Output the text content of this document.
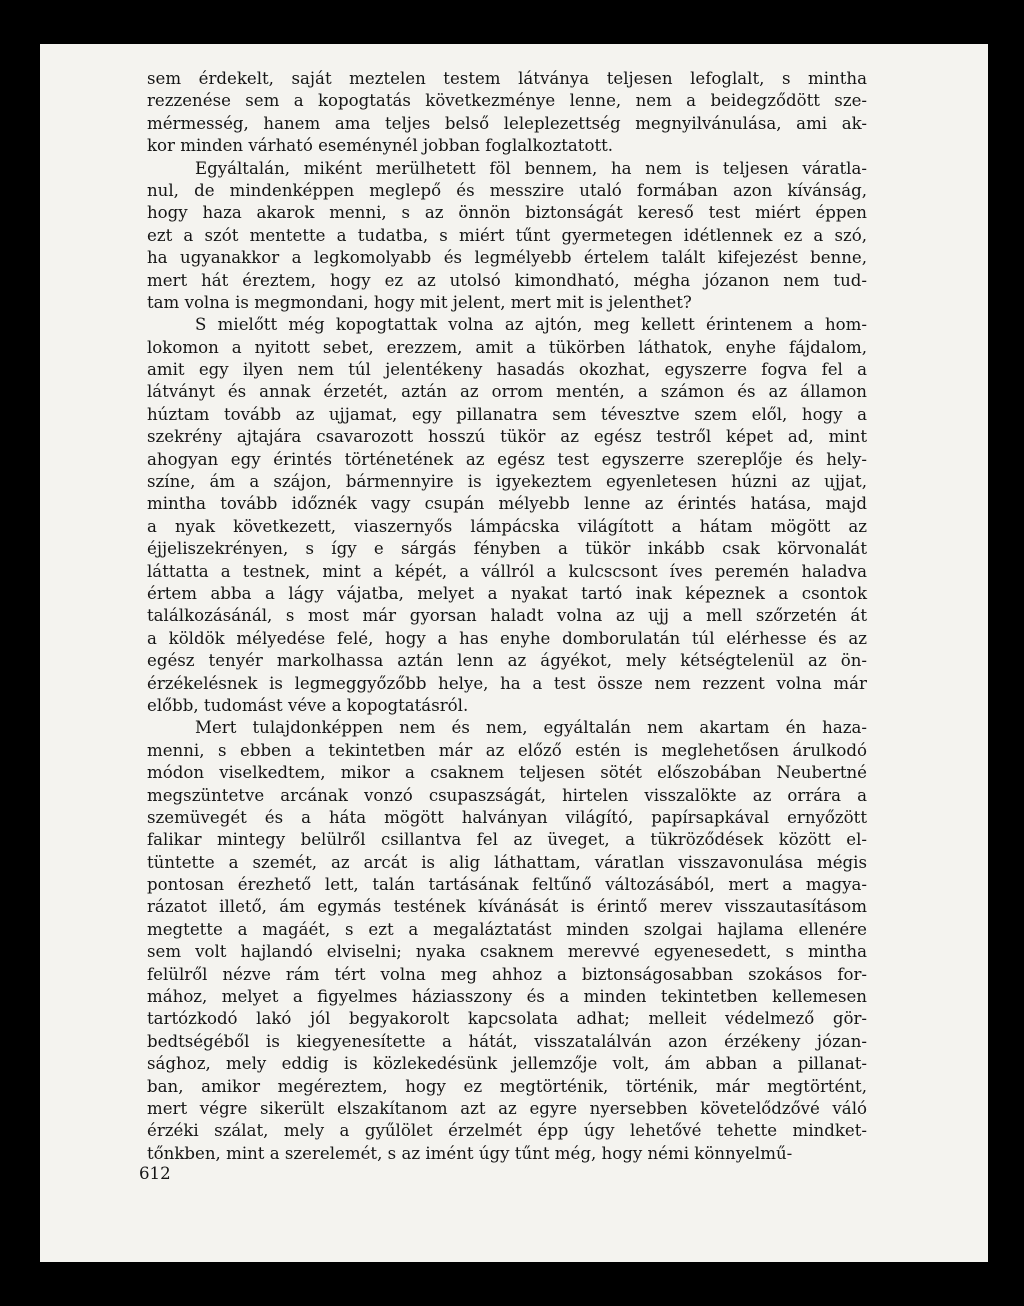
sem érdekelt, saját meztelen testem látványa teljesen lefoglalt, s mintha
rezzenése sem a kopogtatás következménye lenne, nem a beidegződött sze-
mérmesség, hanem ama teljes belső leleplezettség megnyilvánulása, ami ak-
kor minden várható eseménynél jobban foglalkoztatott.
Egyáltalán, miként merülhetett föl bennem, ha nem is teljesen váratla-
nul, de mindenképpen meglepő és messzire utaló formában azon kívánság,
hogy haza akarok menni, s az önnön biztonságát kereső test miért éppen
ezt a szót mentette a tudatba, s miért tűnt gyermetegen idétlennek ez a szó,
ha ugyanakkor a legkomolyabb és legmélyebb értelem talált kifejezést benne,
mert hát éreztem, hogy ez az utolsó kimondható, mégha józanon nem tud-
tam volna is megmondani, hogy mit jelent, mert mit is jelenthet?
S mielőtt még kopogtattak volna az ajtón, meg kellett érintenem a hom-
lokomon a nyitott sebet, erezzem, amit a tükörben láthatok, enyhe fájdalom,
amit egy ilyen nem túl jelentékeny hasadás okozhat, egyszerre fogva fel a
látványt és annak érzetét, aztán az orrom mentén, a számon és az államon
húztam tovább az ujjamat, egy pillanatra sem tévesztve szem elől, hogy a
szekrény ajtajára csavarozott hosszú tükör az egész testről képet ad, mint
ahogyan egy érintés történetének az egész test egyszerre szereplője és hely-
színe, ám a szájon, bármennyire is igyekeztem egyenletesen húzni az ujjat,
mintha tovább időznék vagy csupán mélyebb lenne az érintés hatása, majd
a nyak következett, viaszernyős lámpácska világított a hátam mögött az
éjjeliszekrényen, s így e sárgás fényben a tükör inkább csak körvonalát
láttatta a testnek, mint a képét, a vállról a kulcscsont íves peremén haladva
értem abba a lágy vájatba, melyet a nyakat tartó inak képeznek a csontok
találkozásánál, s most már gyorsan haladt volna az ujj a mell szőrzetén át
a köldök mélyedése felé, hogy a has enyhe domborulatán túl elérhesse és az
egész tenyér markolhassa aztán lenn az ágyékot, mely kétségtelenül az ön-
érzékelésnek is legmeggyőzőbb helye, ha a test össze nem rezzent volna már
előbb, tudomást véve a kopogtatásról.
Mert tulajdonképpen nem és nem, egyáltalán nem akartam én haza-
menni, s ebben a tekintetben már az előző estén is meglehetősen árulkodó
módon viselkedtem, mikor a csaknem teljesen sötét előszobában Neubertné
megszüntetve arcának vonzó csupaszságát, hirtelen visszalökte az orrára a
szemüvegét és a háta mögött halványan világító, papírsapkával ernyőzött
falikar mintegy belülről csillantva fel az üveget, a tükröződések között el-
tüntette a szemét, az arcát is alig láthattam, váratlan visszavonulása mégis
pontosan érezhető lett, talán tartásának feltűnő változásából, mert a magya-
rázatot illető, ám egymás testének kívánását is érintő merev visszautasításom
megtette a magáét, s ezt a megaláztatást minden szolgai hajlama ellenére
sem volt hajlandó elviselni; nyaka csaknem merevvé egyenesedett, s mintha
felülről nézve rám tért volna meg ahhoz a biztonságosabban szokásos for-
mához, melyet a figyelmes háziasszony és a minden tekintetben kellemesen
tartózkodó lakó jól begyakorolt kapcsolata adhat; melleit védelmező gör-
bedtségéből is kiegyenesítette a hátát, visszatalálván azon érzékeny józan-
sághoz, mely eddig is közlekedésünk jellemzője volt, ám abban a pillanat-
ban, amikor megéreztem, hogy ez megtörténik, történik, már megtörtént,
mert végre sikerült elszakítanom azt az egyre nyersebben követelődzővé váló
érzéki szálat, mely a gyűlölet érzelmét épp úgy lehetővé tehette mindket-
tőnkben, mint a szerelemét, s az imént úgy tűnt még, hogy némi könnyelmű-
612
